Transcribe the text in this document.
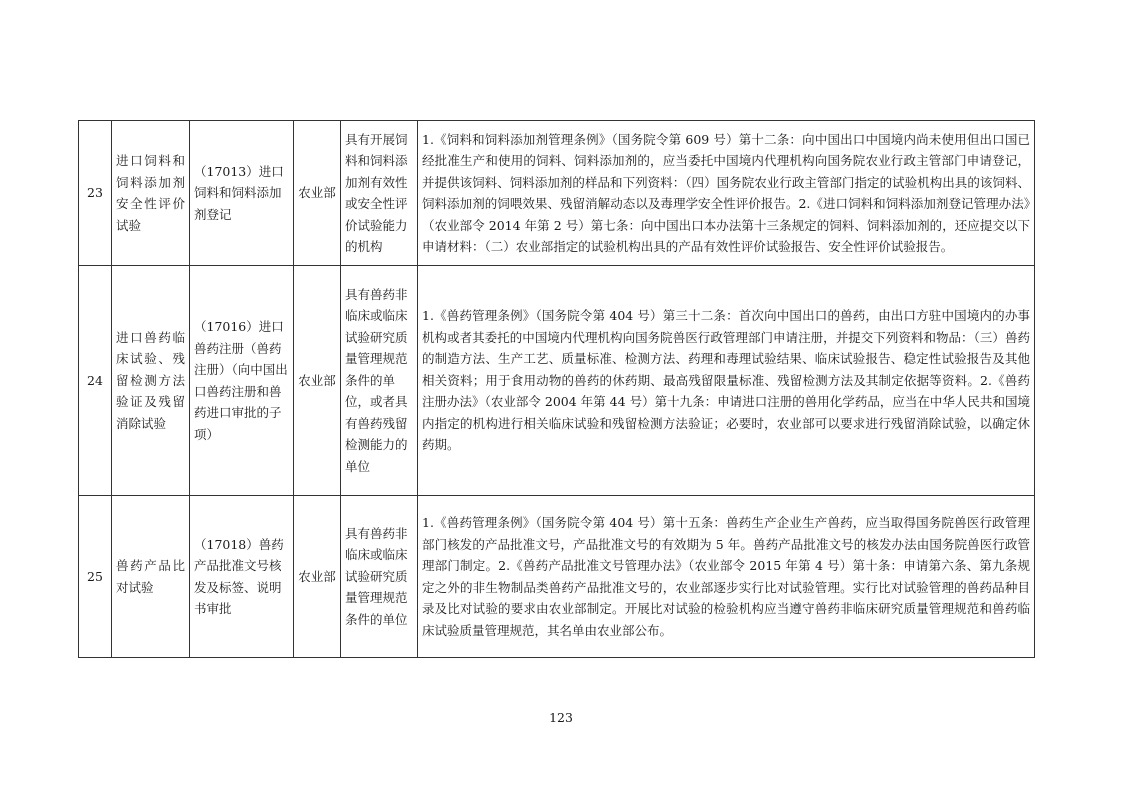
23	进口饲料和饲料添加剂安全性评价试验	（17013）进口饲料和饲料添加剂登记	农业部	具有开展饲料和饲料添加剂有效性或安全性评价试验能力的机构	1.《饲料和饲料添加剂管理条例》（国务院令第 609 号）第十二条：向中国出口中国境内尚未使用但出口国已经批准生产和使用的饲料、饲料添加剂的，应当委托中国境内代理机构向国务院农业行政主管部门申请登记，并提供该饲料、饲料添加剂的样品和下列资料：（四）国务院农业行政主管部门指定的试验机构出具的该饲料、饲料添加剂的饲喂效果、残留消解动态以及毒理学安全性评价报告。2.《进口饲料和饲料添加剂登记管理办法》（农业部令 2014 年第 2 号）第七条：向中国出口本办法第十三条规定的饲料、饲料添加剂的，还应提交以下申请材料：（二）农业部指定的试验机构出具的产品有效性评价试验报告、安全性评价试验报告。
24	进口兽药临床试验、残留检测方法验证及残留消除试验	（17016）进口兽药注册（兽药注册）（向中国出口兽药注册和兽药进口审批的子项）	农业部	具有兽药非临床或临床试验研究质量管理规范条件的单位，或者具有兽药残留检测能力的单位	1.《兽药管理条例》（国务院令第 404 号）第三十二条：首次向中国出口的兽药，由出口方驻中国境内的办事机构或者其委托的中国境内代理机构向国务院兽医行政管理部门申请注册，并提交下列资料和物品：（三）兽药的制造方法、生产工艺、质量标准、检测方法、药理和毒理试验结果、临床试验报告、稳定性试验报告及其他相关资料；用于食用动物的兽药的休药期、最高残留限量标准、残留检测方法及其制定依据等资料。2.《兽药注册办法》（农业部令 2004 年第 44 号）第十九条：申请进口注册的兽用化学药品，应当在中华人民共和国境内指定的机构进行相关临床试验和残留检测方法验证；必要时，农业部可以要求进行残留消除试验，以确定休药期。
25	兽药产品比对试验	（17018）兽药产品批准文号核发及标签、说明书审批	农业部	具有兽药非临床或临床试验研究质量管理规范条件的单位	1.《兽药管理条例》（国务院令第 404 号）第十五条：兽药生产企业生产兽药，应当取得国务院兽医行政管理部门核发的产品批准文号，产品批准文号的有效期为 5 年。兽药产品批准文号的核发办法由国务院兽医行政管理部门制定。2.《兽药产品批准文号管理办法》（农业部令 2015 年第 4 号）第十条：申请第六条、第九条规定之外的非生物制品类兽药产品批准文号的，农业部逐步实行比对试验管理。实行比对试验管理的兽药品种目录及比对试验的要求由农业部制定。开展比对试验的检验机构应当遵守兽药非临床研究质量管理规范和兽药临床试验质量管理规范，其名单由农业部公布。
123
